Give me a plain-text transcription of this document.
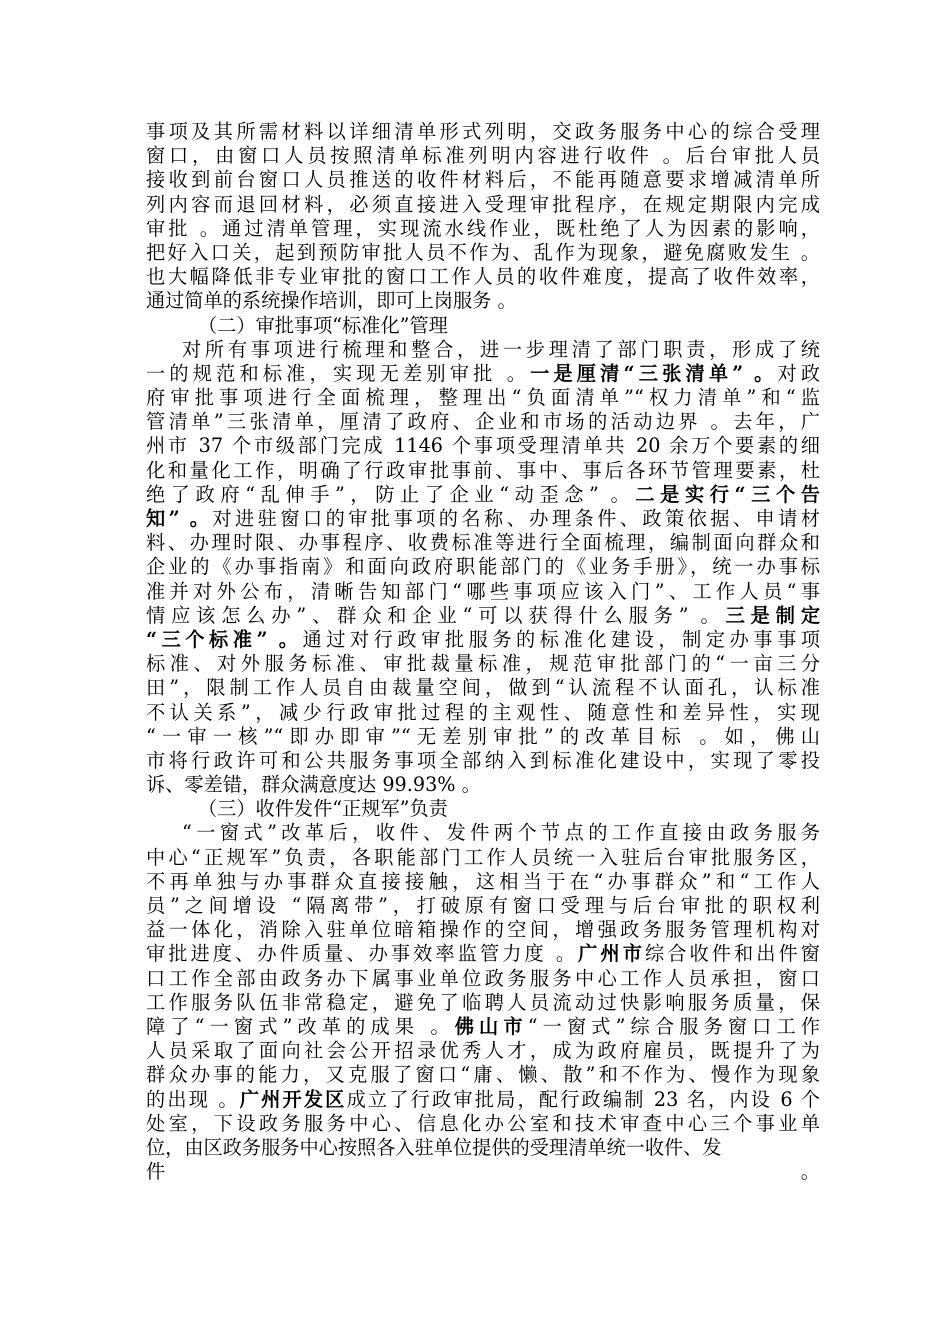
事项及其所需材料以详细清单形式列明，交政务服务中心的综合受理
窗口，由窗口人员按照清单标准列明内容进行收件 。后台审批人员
接收到前台窗口人员推送的收件材料后，不能再随意要求增减清单所
列内容而退回材料，必须直接进入受理审批程序，在规定期限内完成
审批 。通过清单管理，实现流水线作业，既杜绝了人为因素的影响，
把好入口关，起到预防审批人员不作为、乱作为现象，避免腐败发生 。
也大幅降低非专业审批的窗口工作人员的收件难度，提高了收件效率，
通过简单的系统操作培训，即可上岗服务 。
（二）审批事项“标准化”管理
对所有事项进行梳理和整合，进一步理清了部门职责，形成了统
一的规范和标准，实现无差别审批 。一是厘清“三张清单” 。对政
府审批事项进行全面梳理，整理出“负面清单”“权力清单”和“监
管清单”三张清单，厘清了政府、企业和市场的活动边界 。去年，广
州市 37 个市级部门完成 1146 个事项受理清单共 20 余万个要素的细
化和量化工作，明确了行政审批事前、事中、事后各环节管理要素，杜
绝了政府“乱伸手”，防止了企业“动歪念” 。二是实行“三个告
知” 。对进驻窗口的审批事项的名称、办理条件、政策依据、申请材
料、办理时限、办事程序、收费标准等进行全面梳理，编制面向群众和
企业的《办事指南》和面向政府职能部门的《业务手册》，统一办事标
准并对外公布，清晰告知部门“哪些事项应该入门”、工作人员“事
情应该怎么办”、群众和企业“可以获得什么服务” 。三是制定
“三个标准” 。通过对行政审批服务的标准化建设，制定办事事项
标准、对外服务标准、审批裁量标准，规范审批部门的“一亩三分
田”，限制工作人员自由裁量空间，做到“认流程不认面孔，认标准
不认关系”，减少行政审批过程的主观性、随意性和差异性，实现
“一审一核”“即办即审”“无差别审批”的改革目标 。如，佛山
市将行政许可和公共服务事项全部纳入到标准化建设中，实现了零投
诉、零差错，群众满意度达 99.93% 。
（三）收件发件“正规军”负责
“一窗式”改革后，收件、发件两个节点的工作直接由政务服务
中心“正规军”负责，各职能部门工作人员统一入驻后台审批服务区，
不再单独与办事群众直接接触，这相当于在“办事群众”和“工作人
员”之间增设 “隔离带”，打破原有窗口受理与后台审批的职权利
益一体化，消除入驻单位暗箱操作的空间，增强政务服务管理机构对
审批进度、办件质量、办事效率监管力度 。广州市综合收件和出件窗
口工作全部由政务办下属事业单位政务服务中心工作人员承担，窗口
工作服务队伍非常稳定，避免了临聘人员流动过快影响服务质量，保
障了“一窗式”改革的成果 。佛山市“一窗式”综合服务窗口工作
人员采取了面向社会公开招录优秀人才，成为政府雇员，既提升了为
群众办事的能力，又克服了窗口“庸、懒、散”和不作为、慢作为现象
的出现 。广州开发区成立了行政审批局，配行政编制 23 名，内设 6 个
处室，下设政务服务中心、信息化办公室和技术审查中心三个事业单
位，由区政务服务中心按照各入驻单位提供的受理清单统一收件、发
件 。
